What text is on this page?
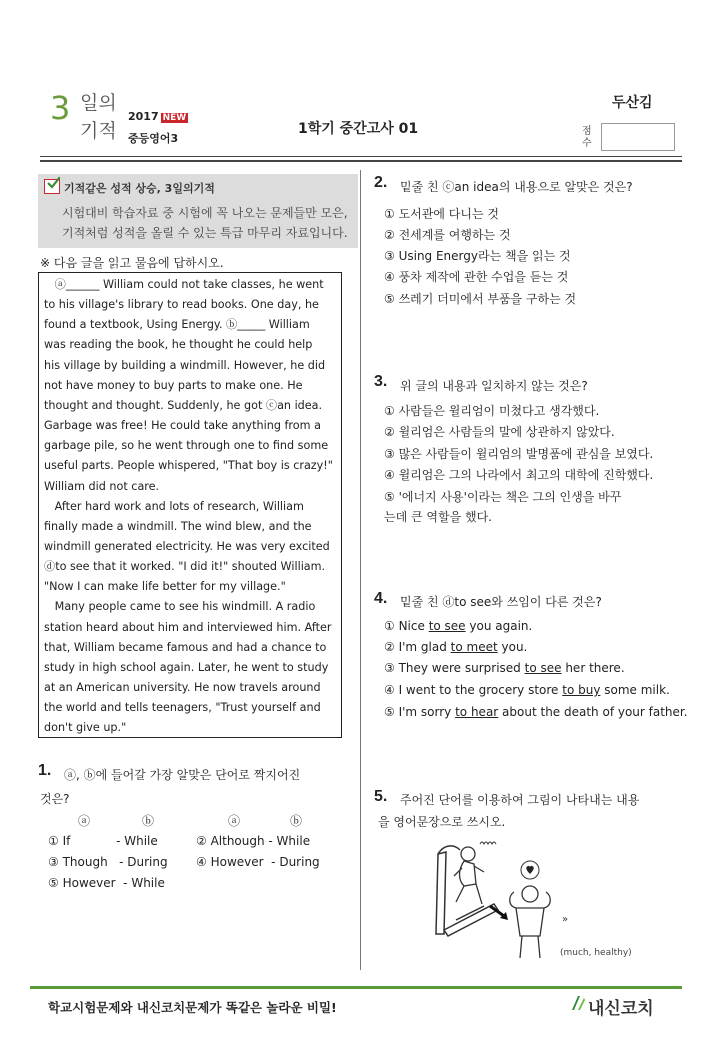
3 일의
기적
2017 NEW
중등영어3
1학기 중간고사 01
두산김
점수
기적같은 성적 상승, 3일의기적
시험대비 학습자료 중 시험에 꼭 나오는 문제들만 모은,
기적처럼 성적을 올릴 수 있는 특급 마무리 자료입니다.
※ 다음 글을 읽고 물음에 답하시오.
ⓐ______ William could not take classes, he went
to his village's library to read books. One day, he
found a textbook, Using Energy. ⓑ_____ William
was reading the book, he thought he could help
his village by building a windmill. However, he did
not have money to buy parts to make one. He
thought and thought. Suddenly, he got ⓒan idea.
Garbage was free! He could take anything from a
garbage pile, so he went through one to find some
useful parts. People whispered, "That boy is crazy!"
William did not care.
After hard work and lots of research, William
finally made a windmill. The wind blew, and the
windmill generated electricity. He was very excited
ⓓto see that it worked. "I did it!" shouted William.
"Now I can make life better for my village."
Many people came to see his windmill. A radio
station heard about him and interviewed him. After
that, William became famous and had a chance to
study in high school again. Later, he went to study
at an American university. He now travels around
the world and tells teenagers, "Trust yourself and
don't give up."
1. ⓐ, ⓑ에 들어갈 가장 알맞은 단어로 짝지어진
것은?
ⓐ	ⓑ	ⓐ	ⓑ
① If            - While	② Although - While
③ Though   - During ④ However  - During
⑤ However  - While
2. 밑줄 친 ⓒan idea의 내용으로 알맞은 것은?
① 도서관에 다니는 것
② 전세계를 여행하는 것
③ Using Energy라는 책을 읽는 것
④ 풍차 제작에 관한 수업을 듣는 것
⑤ 쓰레기 더미에서 부품을 구하는 것
3. 위 글의 내용과 일치하지 않는 것은?
① 사람들은 윌리엄이 미쳤다고 생각했다.
② 윌리엄은 사람들의 말에 상관하지 않았다.
③ 많은 사람들이 윌리엄의 발명품에 관심을 보였다.
④ 윌리엄은 그의 나라에서 최고의 대학에 진학했다.
⑤ '에너지 사용'이라는 책은 그의 인생을 바꾸
는데 큰 역할을 했다.
4. 밑줄 친 ⓓto see와 쓰임이 다른 것은?
① Nice to see you again.
② I'm glad to meet you.
③ They were surprised to see her there.
④ I went to the grocery store to buy some milk.
⑤ I'm sorry to hear about the death of your father.
5. 주어진 단어를 이용하여 그림이 나타내는 내용
을 영어문장으로 쓰시오.
»
(much, healthy)
학교시험문제와 내신코치문제가 똑같은 놀라운 비밀!	내신코치
